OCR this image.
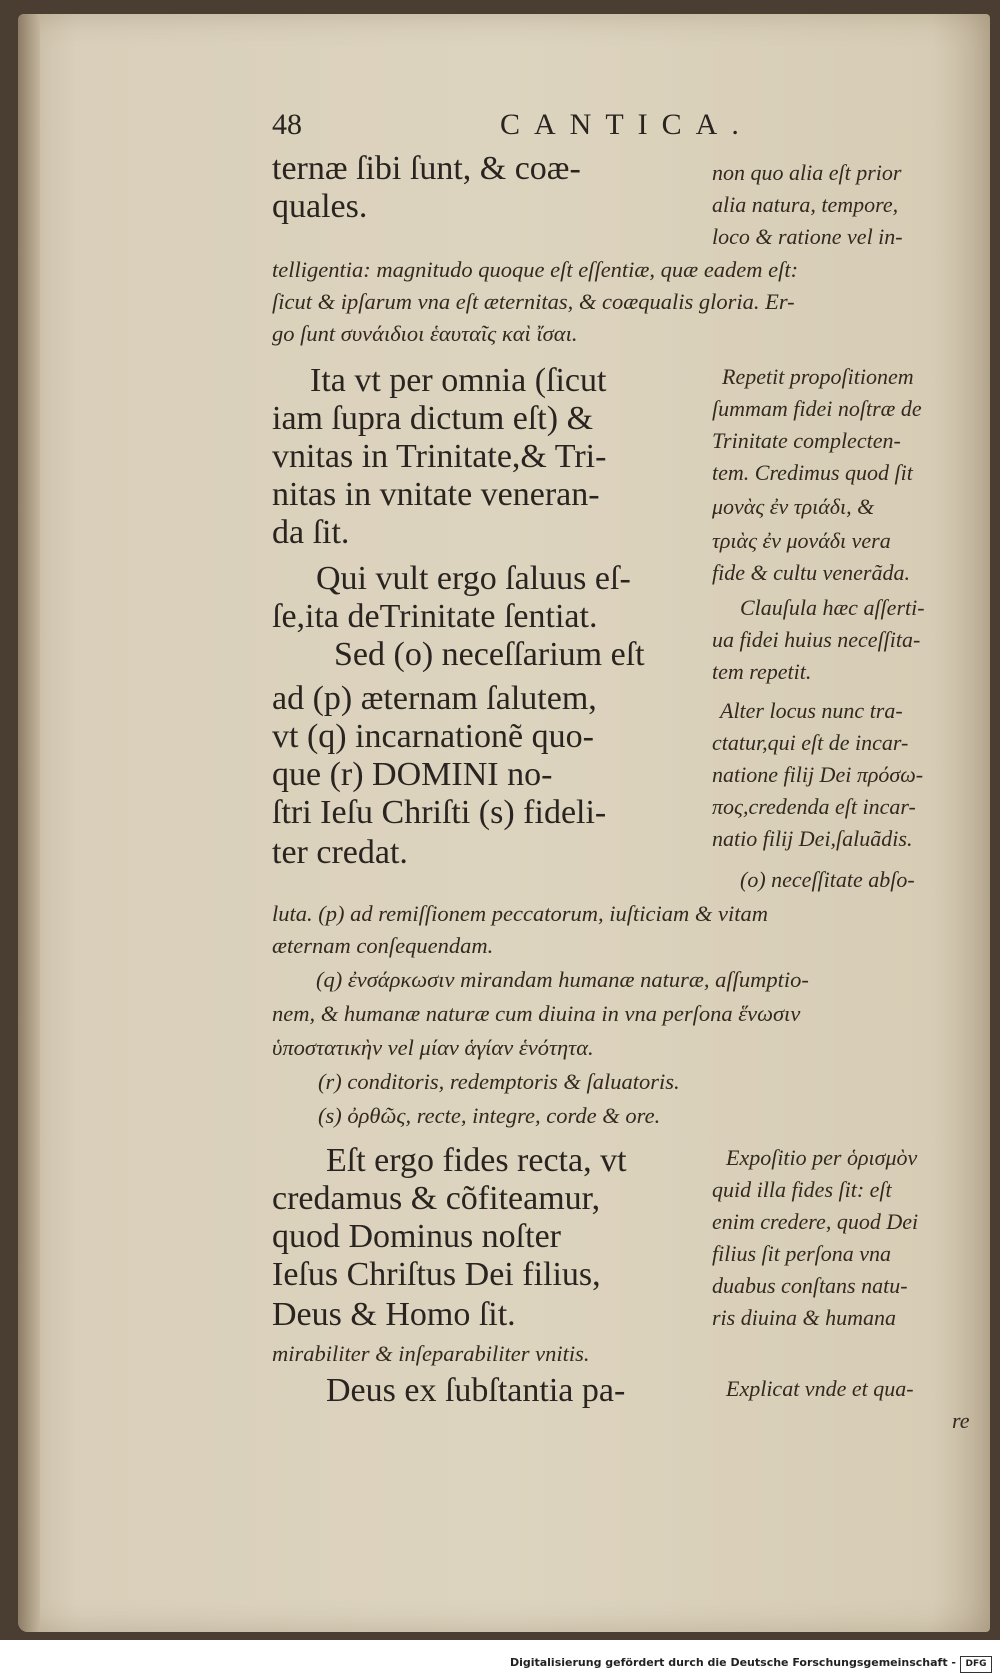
48	CANTICA.
ternæ ſibi ſunt, & coæ-
quales.
non quo alia eſt prior
alia natura, tempore,
loco & ratione vel in-
telligentia: magnitudo quoque eſt eſſentiæ, quæ eadem eſt:
ſicut & ipſarum vna eſt æternitas, & coæqualis gloria. Er-
go ſunt συνάιδιοι ἑαυταῖς καὶ ἴσαι.
Ita vt per omnia (ſicut
iam ſupra dictum eſt) &
vnitas in Trinitate,& Tri-
nitas in vnitate veneran-
da ſit.
Repetit propoſitionem
ſummam fidei noſtræ de
Trinitate complecten-
tem. Credimus quod ſit
μονὰς ἐν τριάδι, &
τριὰς ἐν μονάδι vera
fide & cultu venerãda.
Qui vult ergo ſaluus eſ-
ſe,ita deTrinitate ſentiat.	Clauſula hæc aſſerti-
ua fidei huius neceſſita-
tem repetit.
Sed (o) neceſſarium eſt
ad (p) æternam ſalutem,
vt (q) incarnationẽ quo-
que (r) DOMINI no-
ſtri Ieſu Chriſti (s) fideli-
ter credat.
Alter locus nunc tra-
ctatur,qui eſt de incar-
natione filij Dei πρόσω-
πος,credenda eſt incar-
natio filij Dei,ſaluãdis.
(o) neceſſitate abſo-
luta. (p) ad remiſſionem peccatorum, iuſticiam & vitam
æternam conſequendam.
(q) ἐνσάρκωσιν mirandam humanæ naturæ, aſſumptio-
nem, & humanæ naturæ cum diuina in vna perſona ἕνωσιν
ὑποστατικὴν vel μίαν ἁγίαν ἑνότητα.
(r) conditoris, redemptoris & ſaluatoris.
(s) ὀρθῶς, recte, integre, corde & ore.
Eſt ergo fides recta, vt
credamus & cõfiteamur,
quod Dominus noſter
Ieſus Chriſtus Dei filius,
Deus & Homo ſit.
Expoſitio per ὁρισμὸν
quid illa fides ſit: eſt
enim credere, quod Dei
filius ſit perſona vna
duabus conſtans natu-
ris diuina & humana
mirabiliter & inſeparabiliter vnitis.
Deus ex ſubſtantia pa-	Explicat vnde et qua-
re
Digitalisierung gefördert durch die Deutsche Forschungsgemeinschaft -	DFG
